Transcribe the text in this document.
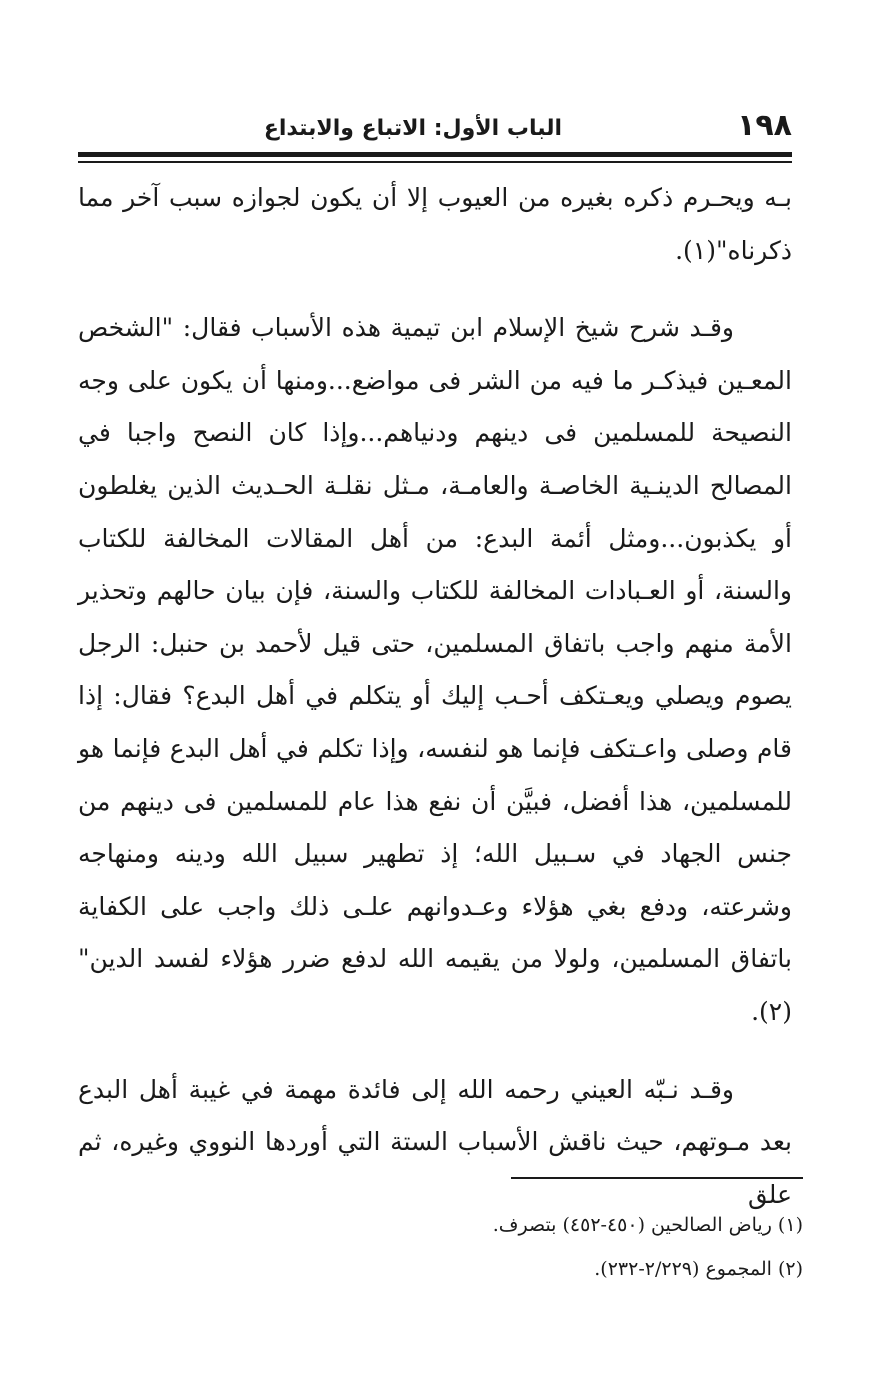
١٩٨
الباب الأول: الاتباع والابتداع

بـه ويحـرم ذكره بغيره من العيوب إلا أن يكون لجوازه سبب آخر مما ذكرناه"(١).

وقـد شرح شيخ الإسلام ابن تيمية هذه الأسباب فقال: "الشخص المعـين فيذكـر ما فيه من الشر فى مواضع...ومنها أن يكون على وجه النصيحة للمسلمين فى دينهم ودنياهم...وإذا كان النصح واجبا في المصالح الدينـية الخاصـة والعامـة، مـثل نقلـة الحـديث الذين يغلطون أو يكذبون...ومثل أئمة البدع: من أهل المقالات المخالفة للكتاب والسنة، أو العـبادات المخالفة للكتاب والسنة، فإن بيان حالهم وتحذير الأمة منهم واجب باتفاق المسلمين، حتى قيل لأحمد بن حنبل: الرجل يصوم ويصلي ويعـتكف أحـب إليك أو يتكلم في أهل البدع؟ فقال: إذا قام وصلى واعـتكف فإنما هو لنفسه، وإذا تكلم في أهل البدع فإنما هو للمسلمين، هذا أفضل، فبيَّن أن نفع هذا عام للمسلمين فى دينهم من جنس الجهاد في سـبيل الله؛ إذ تطهير سبيل الله ودينه ومنهاجه وشرعته، ودفع بغي هؤلاء وعـدوانهم علـى ذلك واجب على الكفاية باتفاق المسلمين، ولولا من يقيمه الله لدفع ضرر هؤلاء لفسد الدين"(٢).

وقـد نـبّه العيني رحمه الله إلى فائدة مهمة في غيبة أهل البدع بعد مـوتهم، حيث ناقش الأسباب الستة التي أوردها النووي وغيره، ثم علق

(١) رياض الصالحين (٤٥٠-٤٥٢) بتصرف.

(٢) المجموع (٢/٢٢٩-٢٣٢).
